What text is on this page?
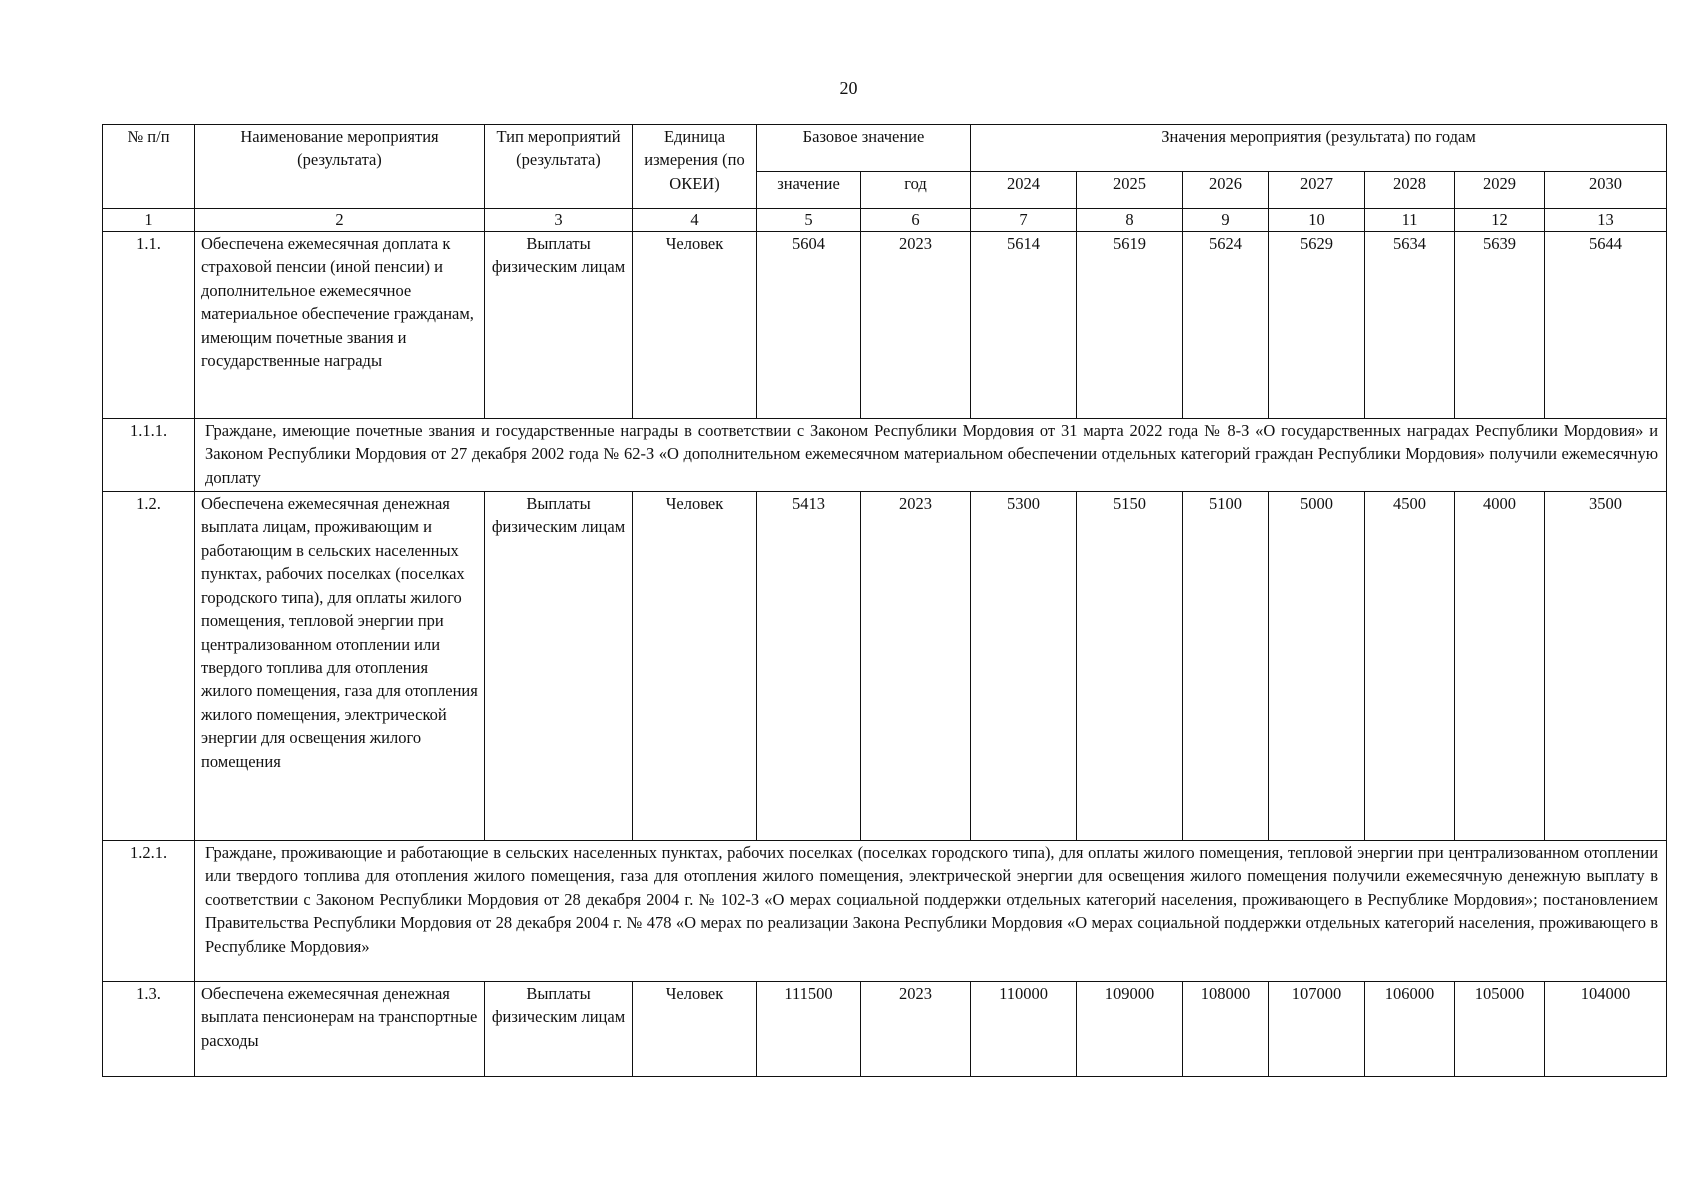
20
№ п/п	Наименование мероприятия (результата)	Тип мероприятий (результата)	Единица измерения (по ОКЕИ)	Базовое значение		Значения мероприятия (результата) по годам						
				значение	год	2024	2025	2026	2027	2028	2029	2030
1	2	3	4	5	6	7	8	9	10	11	12	13
1.1.	Обеспечена ежемесячная доплата к страховой пенсии (иной пенсии) и дополнительное ежемесячное материальное обеспечение гражданам, имеющим почетные звания и государственные награды	Выплаты физическим лицам	Человек	5604	2023	5614	5619	5624	5629	5634	5639	5644
1.1.1.	Граждане, имеющие почетные звания и государственные награды в соответствии с Законом Республики Мордовия от 31 марта 2022 года № 8-З «О государственных наградах Республики Мордовия» и Законом Республики Мордовия от 27 декабря 2002 года № 62-З «О дополнительном ежемесячном материальном обеспечении отдельных категорий граждан Республики Мордовия» получили ежемесячную доплату											
1.2.	Обеспечена ежемесячная денежная выплата лицам, проживающим и работающим в сельских населенных пунктах, рабочих поселках (поселках городского типа), для оплаты жилого помещения, тепловой энергии при централизованном отоплении или твердого топлива для отопления жилого помещения, газа для отопления жилого помещения, электрической энергии для освещения жилого помещения	Выплаты физическим лицам	Человек	5413	2023	5300	5150	5100	5000	4500	4000	3500
1.2.1.	Граждане, проживающие и работающие в сельских населенных пунктах, рабочих поселках (поселках городского типа), для оплаты жилого помещения, тепловой энергии при централизованном отоплении или твердого топлива для отопления жилого помещения, газа для отопления жилого помещения, электрической энергии для освещения жилого помещения получили ежемесячную денежную выплату в соответствии с Законом Республики Мордовия от 28 декабря 2004 г. № 102-З «О мерах социальной поддержки отдельных категорий населения, проживающего в Республике Мордовия»; постановлением Правительства Республики Мордовия от 28 декабря 2004 г. № 478 «О мерах по реализации Закона Республики Мордовия «О мерах социальной поддержки отдельных категорий населения, проживающего в Республике Мордовия»											
1.3.	Обеспечена ежемесячная денежная выплата пенсионерам на транспортные расходы	Выплаты физическим лицам	Человек	111500	2023	110000	109000	108000	107000	106000	105000	104000
